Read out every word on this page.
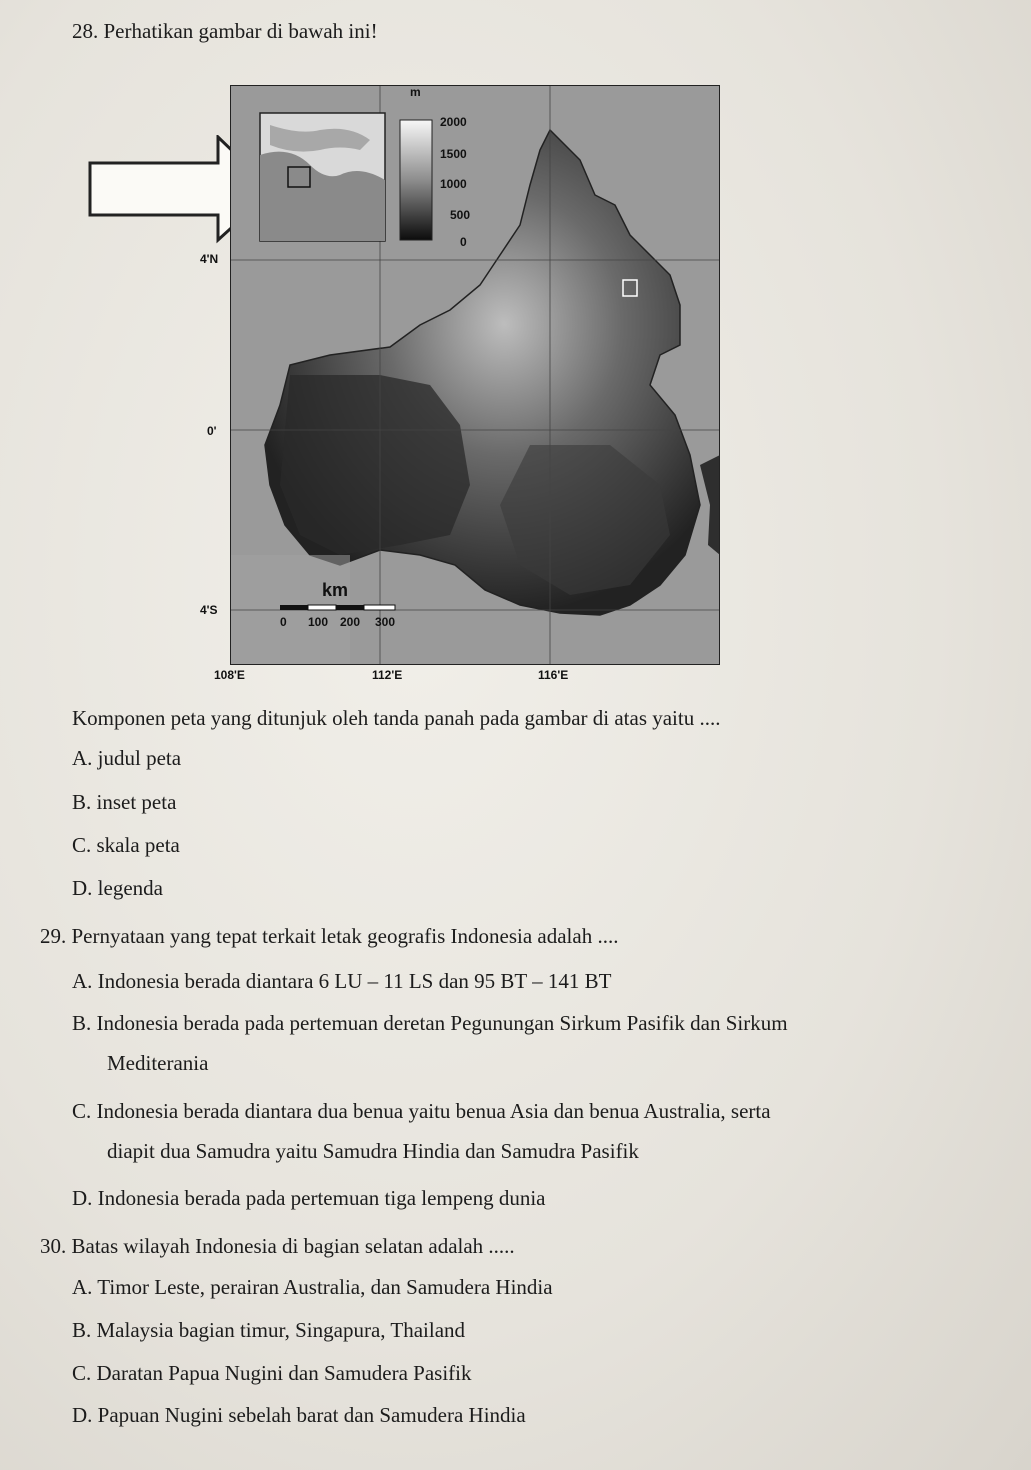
28. Perhatikan gambar di bawah ini!
m
2000
1500
1000
500
0
km
0 100 200 300
4'N
0'
4'S
108'E	112'E	116'E
Komponen peta yang ditunjuk oleh tanda panah pada gambar di atas yaitu ....
A. judul peta
B. inset peta
C. skala peta
D. legenda
29. Pernyataan yang tepat terkait letak geografis Indonesia adalah ....
A. Indonesia berada diantara 6 LU – 11 LS dan 95 BT – 141 BT
B. Indonesia berada pada pertemuan deretan Pegunungan Sirkum Pasifik dan Sirkum
Mediterania
C. Indonesia berada diantara dua benua yaitu benua Asia dan benua Australia, serta
diapit dua Samudra yaitu Samudra Hindia dan Samudra Pasifik
D. Indonesia berada pada pertemuan tiga lempeng dunia
30. Batas wilayah Indonesia di bagian selatan adalah .....
A. Timor Leste, perairan Australia, dan Samudera Hindia
B. Malaysia bagian timur, Singapura, Thailand
C. Daratan Papua Nugini dan Samudera Pasifik
D. Papuan Nugini sebelah barat dan Samudera Hindia
